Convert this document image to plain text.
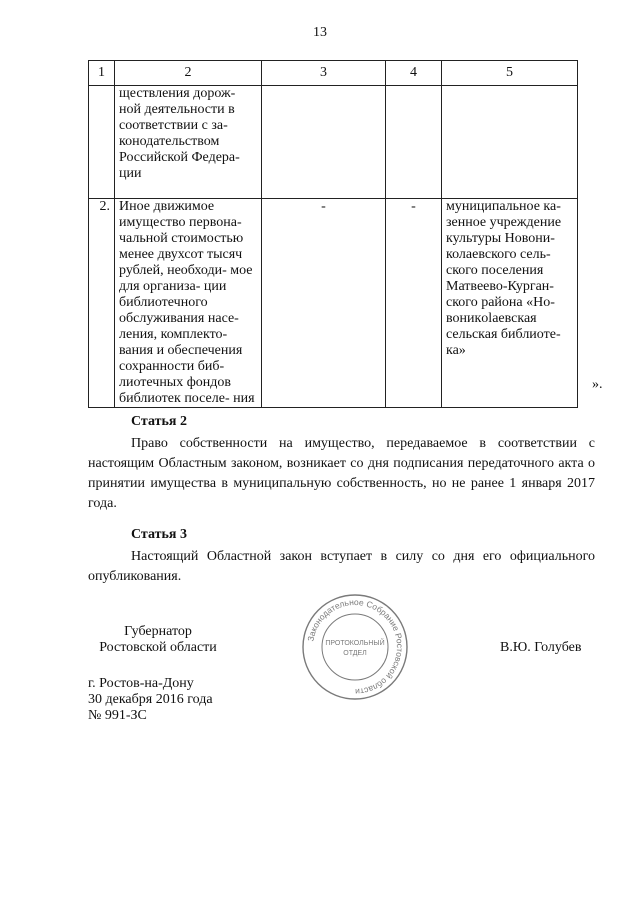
13
1	2	3	4	5
	ществления дорож- ной деятельности в соответствии с за- конодательством Российской Федера- ции			
2.	Иное движимое имущество первона- чальной стоимостью менее двухсот тысяч рублей, необходи- мое для организа- ции библиотечного обслуживания насе- ления, комплекто- вания и обеспечения сохранности биб- лиотечных фондов библиотек поселе- ния	-	-	муниципальное ка- зенное учреждение культуры Новони- колаевского сель- ского поселения Матвеево-Курган- ского района «Но- воникolaевская сельская библиоте- ка»
».
Статья 2
Право собственности на имущество, передаваемое в соответствии с настоящим Областным законом, возникает со дня подписания передаточного акта о принятии имущества в муниципальную собственность, но не ранее 1 января 2017 года.
Статья 3
Настоящий Областной закон вступает в силу со дня его официального опубликования.
Губернатор
Ростовской области	В.Ю. Голубев
г. Ростов-на-Дону
30 декабря 2016 года
№ 991-ЗС
Законодательное Собрание Ростовской области
ПРОТОКОЛЬНЫЙ
ОТДЕЛ
